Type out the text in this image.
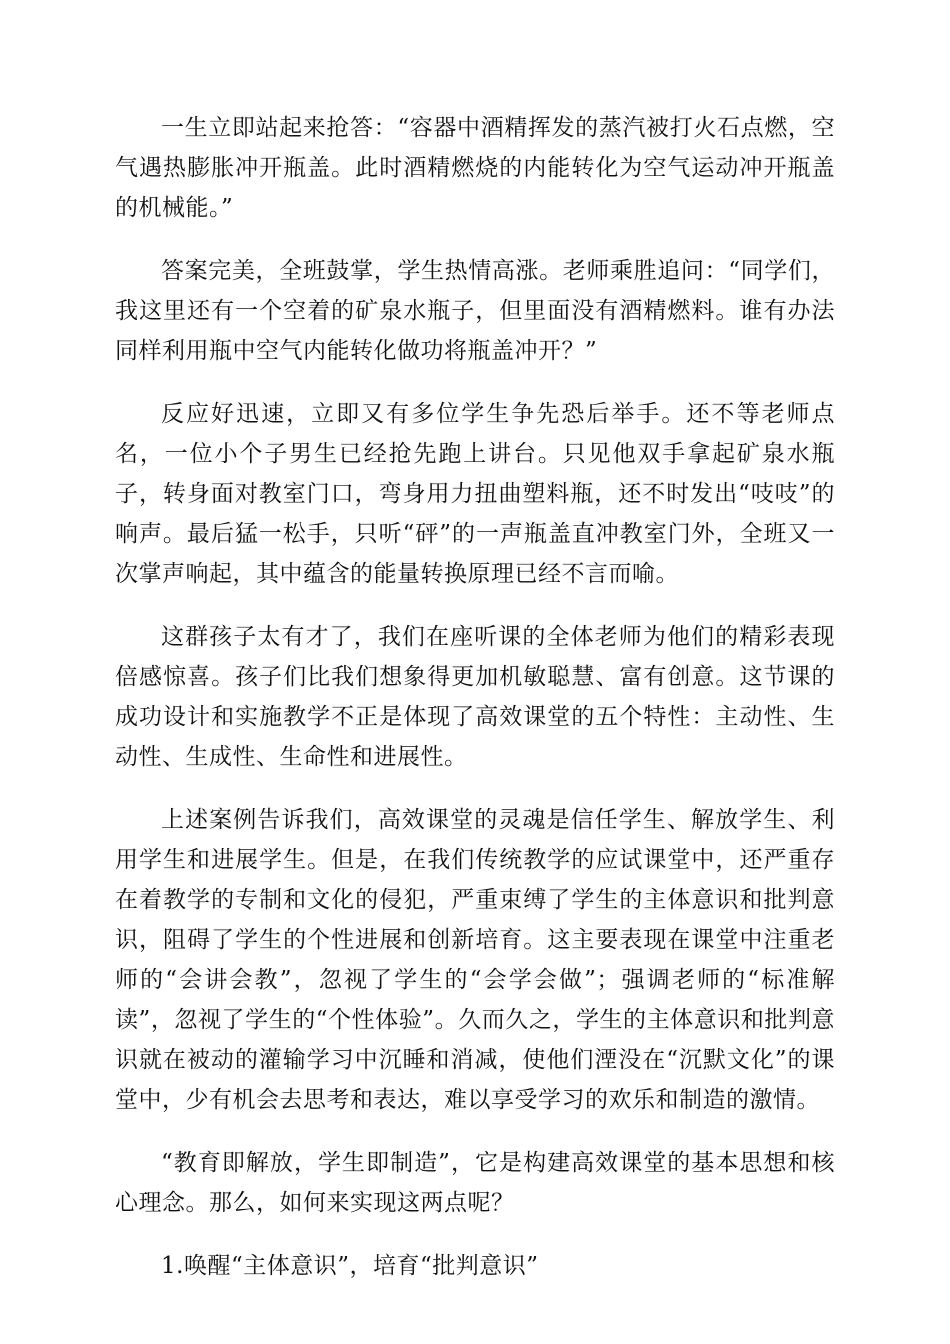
一生立即站起来抢答：“容器中酒精挥发的蒸汽被打火石点燃，空气遇热膨胀冲开瓶盖。此时酒精燃烧的内能转化为空气运动冲开瓶盖的机械能。”

答案完美，全班鼓掌，学生热情高涨。老师乘胜追问：“同学们，我这里还有一个空着的矿泉水瓶子，但里面没有酒精燃料。谁有办法同样利用瓶中空气内能转化做功将瓶盖冲开？”

反应好迅速，立即又有多位学生争先恐后举手。还不等老师点名，一位小个子男生已经抢先跑上讲台。只见他双手拿起矿泉水瓶子，转身面对教室门口，弯身用力扭曲塑料瓶，还不时发出“吱吱”的响声。最后猛一松手，只听“砰”的一声瓶盖直冲教室门外，全班又一次掌声响起，其中蕴含的能量转换原理已经不言而喻。

这群孩子太有才了，我们在座听课的全体老师为他们的精彩表现倍感惊喜。孩子们比我们想象得更加机敏聪慧、富有创意。这节课的成功设计和实施教学不正是体现了高效课堂的五个特性：主动性、生动性、生成性、生命性和进展性。

上述案例告诉我们，高效课堂的灵魂是信任学生、解放学生、利用学生和进展学生。但是，在我们传统教学的应试课堂中，还严重存在着教学的专制和文化的侵犯，严重束缚了学生的主体意识和批判意识，阻碍了学生的个性进展和创新培育。这主要表现在课堂中注重老师的“会讲会教”，忽视了学生的“会学会做”；强调老师的“标准解读”，忽视了学生的“个性体验”。久而久之，学生的主体意识和批判意识就在被动的灌输学习中沉睡和消减，使他们湮没在“沉默文化”的课堂中，少有机会去思考和表达，难以享受学习的欢乐和制造的激情。

“教育即解放，学生即制造”，它是构建高效课堂的基本思想和核心理念。那么，如何来实现这两点呢？

1.唤醒“主体意识”，培育“批判意识”
